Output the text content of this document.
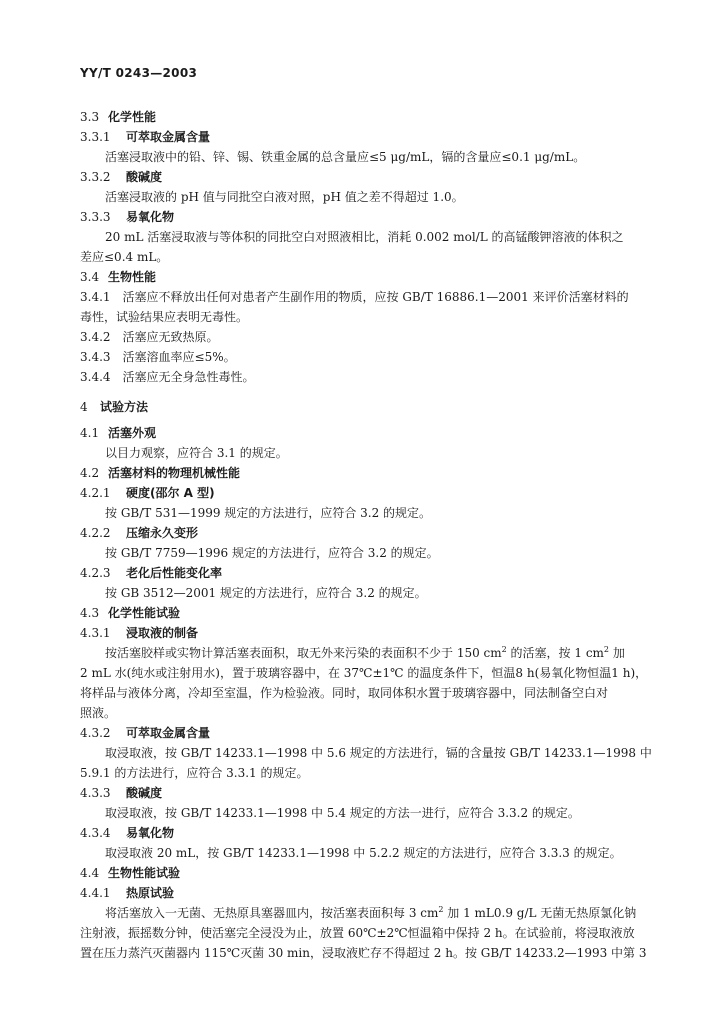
YY/T 0243—2003
3.3 化学性能
3.3.1 可萃取金属含量
活塞浸取液中的铅、锌、锡、铁重金属的总含量应≤5 μg/mL，镉的含量应≤0.1 μg/mL。
3.3.2 酸碱度
活塞浸取液的 pH 值与同批空白液对照，pH 值之差不得超过 1.0。
3.3.3 易氧化物
20 mL 活塞浸取液与等体积的同批空白对照液相比，消耗 0.002 mol/L 的高锰酸钾溶液的体积之
差应≤0.4 mL。
3.4 生物性能
3.4.1　活塞应不释放出任何对患者产生副作用的物质，应按 GB/T 16886.1—2001 来评价活塞材料的
毒性，试验结果应表明无毒性。
3.4.2　活塞应无致热原。
3.4.3　活塞溶血率应≤5%。
3.4.4　活塞应无全身急性毒性。
4 试验方法
4.1 活塞外观
以目力观察，应符合 3.1 的规定。
4.2 活塞材料的物理机械性能
4.2.1 硬度(邵尔 A 型)
按 GB/T 531—1999 规定的方法进行，应符合 3.2 的规定。
4.2.2 压缩永久变形
按 GB/T 7759—1996 规定的方法进行，应符合 3.2 的规定。
4.2.3 老化后性能变化率
按 GB 3512—2001 规定的方法进行，应符合 3.2 的规定。
4.3 化学性能试验
4.3.1 浸取液的制备
按活塞胶样或实物计算活塞表面积，取无外来污染的表面积不少于 150 $cm^2$ 的活塞，按 1 $cm^2$ 加
2 mL 水(纯水或注射用水)，置于玻璃容器中，在 37℃±1℃ 的温度条件下，恒温8 h(易氧化物恒温1 h)，
将样品与液体分离，冷却至室温，作为检验液。同时，取同体积水置于玻璃容器中，同法制备空白对
照液。
4.3.2 可萃取金属含量
取浸取液，按 GB/T 14233.1—1998 中 5.6 规定的方法进行，镉的含量按 GB/T 14233.1—1998 中
5.9.1 的方法进行，应符合 3.3.1 的规定。
4.3.3 酸碱度
取浸取液，按 GB/T 14233.1—1998 中 5.4 规定的方法一进行，应符合 3.3.2 的规定。
4.3.4 易氧化物
取浸取液 20 mL，按 GB/T 14233.1—1998 中 5.2.2 规定的方法进行，应符合 3.3.3 的规定。
4.4 生物性能试验
4.4.1 热原试验
将活塞放入一无菌、无热原具塞器皿内，按活塞表面积每 3 $cm^2$ 加 1 mL0.9 g/L 无菌无热原氯化钠
注射液，振摇数分钟，使活塞完全浸没为止，放置 60℃±2℃恒温箱中保持 2 h。在试验前，将浸取液放
置在压力蒸汽灭菌器内 115℃灭菌 30 min，浸取液贮存不得超过 2 h。按 GB/T 14233.2—1993 中第 3
